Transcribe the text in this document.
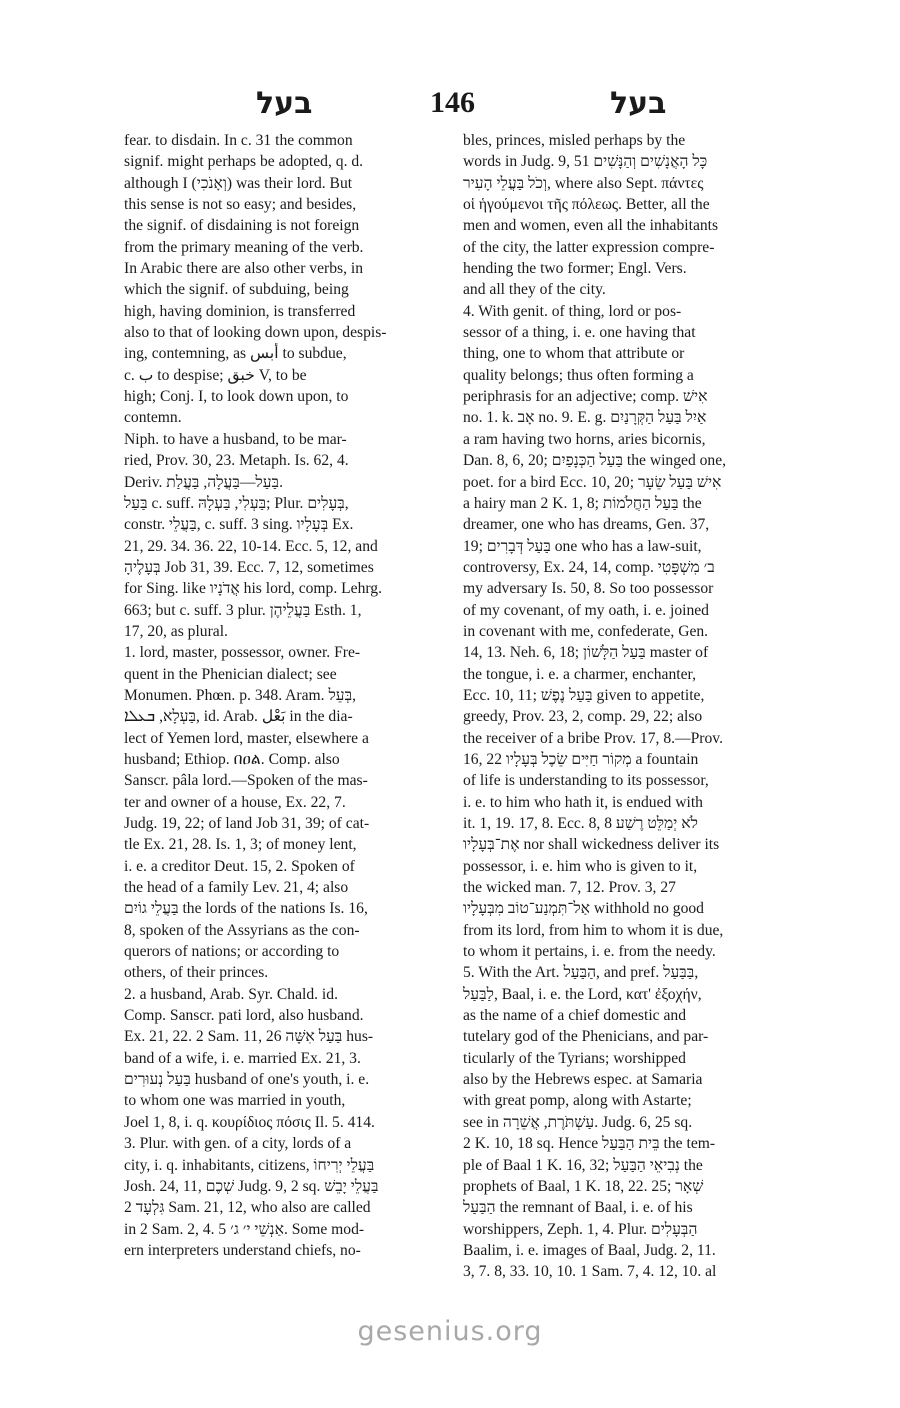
בעל	146	בעל
fear. to disdain. In c. 31 the common
signif. might perhaps be adopted, q. d.
although I (וְאָנֹכִי) was their lord. But
this sense is not so easy; and besides,
the signif. of disdaining is not foreign
from the primary meaning of the verb.
In Arabic there are also other verbs, in
which the signif. of subduing, being
high, having dominion, is transferred
also to that of looking down upon, despis-
ing, contemning, as أبس to subdue,
c. ب to despise; خبق V, to be
high; Conj. I, to look down upon, to
contemn.
Niph. to have a husband, to be mar-
ried, Prov. 30, 23. Metaph. Is. 62, 4.
Deriv. בַּעַל—בַּעֲלָה, בַּעֲלַת.
בַּעַל c. suff. בַּעְלִי, בַּעְלָהּ; Plur. בְּעָלִים,
constr. בַּעֲלֵי, c. suff. 3 sing. בְּעָלָיו Ex.
21, 29. 34. 36. 22, 10-14. Ecc. 5, 12, and
בְּעָלֶיהָ Job 31, 39. Ecc. 7, 12, sometimes
for Sing. like אֲדֹנָיו his lord, comp. Lehrg.
663; but c. suff. 3 plur. בַּעֲלֵיהֶן Esth. 1,
17, 20, as plural.
1. lord, master, possessor, owner. Fre-
quent in the Phenician dialect; see
Monumen. Phœn. p. 348. Aram. בְּעֵל,
בַּעְלָא, ܒܥܠܐ, id. Arab. بَعْل in the dia-
lect of Yemen lord, master, elsewhere a
husband; Ethiop. በዐል. Comp. also
Sanscr. pâla lord.—Spoken of the mas-
ter and owner of a house, Ex. 22, 7.
Judg. 19, 22; of land Job 31, 39; of cat-
tle Ex. 21, 28. Is. 1, 3; of money lent,
i. e. a creditor Deut. 15, 2. Spoken of
the head of a family Lev. 21, 4; also
בַּעֲלֵי גוֹיִם the lords of the nations Is. 16,
8, spoken of the Assyrians as the con-
querors of nations; or according to
others, of their princes.
2. a husband, Arab. Syr. Chald. id.
Comp. Sanscr. pati lord, also husband.
Ex. 21, 22. 2 Sam. 11, 26 בַּעַל אִשָּׁה hus-
band of a wife, i. e. married Ex. 21, 3.
בַּעַל נְעוּרִים husband of one's youth, i. e.
to whom one was married in youth,
Joel 1, 8, i. q. κουρίδιος πόσις Il. 5. 414.
3. Plur. with gen. of a city, lords of a
city, i. q. inhabitants, citizens, בַּעֲלֵי יְרִיחוֹ
Josh. 24, 11, שְׁכֶם Judg. 9, 2 sq. בַּעֲלֵי יָבֵשׁ
גִּלְעָד 2 Sam. 21, 12, who also are called
in 2 Sam. 2, 4. 5 אַנְשֵׁי י׳ ג׳. Some mod-
ern interpreters understand chiefs, no-
bles, princes, misled perhaps by the
words in Judg. 9, 51 כָּל הָאֲנָשִׁים וְהַנָּשִׁים
וְכֹל בַּעֲלֵי הָעִיר, where also Sept. πάντες
οἱ ἡγούμενοι τῆς πόλεως. Better, all the
men and women, even all the inhabitants
of the city, the latter expression compre-
hending the two former; Engl. Vers.
and all they of the city.
4. With genit. of thing, lord or pos-
sessor of a thing, i. e. one having that
thing, one to whom that attribute or
quality belongs; thus often forming a
periphrasis for an adjective; comp. אִישׁ
no. 1. k. אָב no. 9. E. g. אַיִל בַּעַל הַקְּרָנַיִם
a ram having two horns, aries bicornis,
Dan. 8, 6, 20; בַּעַל הַכְּנָפַיִם the winged one,
poet. for a bird Ecc. 10, 20; אִישׁ בַּעַל שֵׂעָר
a hairy man 2 K. 1, 8; בַּעַל הַחֲלֹמוֹת the
dreamer, one who has dreams, Gen. 37,
19; בַּעַל דְּבָרִים one who has a law-suit,
controversy, Ex. 24, 14, comp. ב׳ מִשְׁפָּטִי
my adversary Is. 50, 8. So too possessor
of my covenant, of my oath, i. e. joined
in covenant with me, confederate, Gen.
14, 13. Neh. 6, 18; בַּעַל הַלָּשׁוֹן master of
the tongue, i. e. a charmer, enchanter,
Ecc. 10, 11; בַּעַל נֶפֶשׁ given to appetite,
greedy, Prov. 23, 2, comp. 29, 22; also
the receiver of a bribe Prov. 17, 8.—Prov.
16, 22 מְקוֹר חַיִּים שֵׂכֶל בְּעָלָיו a fountain
of life is understanding to its possessor,
i. e. to him who hath it, is endued with
it. 1, 19. 17, 8. Ecc. 8, 8 לֹא יְמַלֵּט רֶשַׁע
אֶת־בְּעָלָיו nor shall wickedness deliver its
possessor, i. e. him who is given to it,
the wicked man. 7, 12. Prov. 3, 27
אַל־תִּמְנַע־טוֹב מִבְּעָלָיו withhold no good
from its lord, from him to whom it is due,
to whom it pertains, i. e. from the needy.
5. With the Art. הַבַּעַל, and pref. בַּבַּעַל,
לַבַּעַל, Baal, i. e. the Lord, κατ' ἐξοχήν,
as the name of a chief domestic and
tutelary god of the Phenicians, and par-
ticularly of the Tyrians; worshipped
also by the Hebrews espec. at Samaria
with great pomp, along with Astarte;
see in עַשְׁתֹּרֶת, אֲשֵׁרָה. Judg. 6, 25 sq.
2 K. 10, 18 sq. Hence בֵּית הַבַּעַל the tem-
ple of Baal 1 K. 16, 32; נְבִיאֵי הַבַּעַל the
prophets of Baal, 1 K. 18, 22. 25; שְׁאָר
הַבַּעַל the remnant of Baal, i. e. of his
worshippers, Zeph. 1, 4. Plur. הַבְּעָלִים
Baalim, i. e. images of Baal, Judg. 2, 11.
3, 7. 8, 33. 10, 10. 1 Sam. 7, 4. 12, 10. al
gesenius.org
